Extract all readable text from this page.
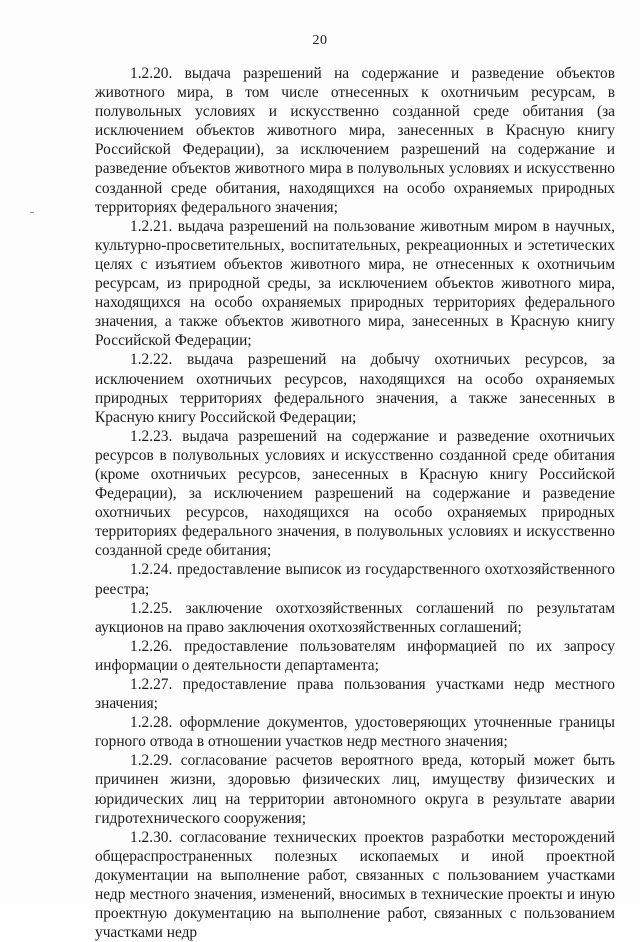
20

1.2.20. выдача разрешений на содержание и разведение объектов животного мира, в том числе отнесенных к охотничьим ресурсам, в полувольных условиях и искусственно созданной среде обитания (за исключением объектов животного мира, занесенных в Красную книгу Российской Федерации), за исключением разрешений на содержание и разведение объектов животного мира в полувольных условиях и искусственно созданной среде обитания, находящихся на особо охраняемых природных территориях федерального значения;

1.2.21. выдача разрешений на пользование животным миром в научных, культурно-просветительных, воспитательных, рекреационных и эстетических целях с изъятием объектов животного мира, не отнесенных к охотничьим ресурсам, из природной среды, за исключением объектов животного мира, находящихся на особо охраняемых природных территориях федерального значения, а также объектов животного мира, занесенных в Красную книгу Российской Федерации;

1.2.22. выдача разрешений на добычу охотничьих ресурсов, за исключением охотничьих ресурсов, находящихся на особо охраняемых природных территориях федерального значения, а также занесенных в Красную книгу Российской Федерации;

1.2.23. выдача разрешений на содержание и разведение охотничьих ресурсов в полувольных условиях и искусственно созданной среде обитания (кроме охотничьих ресурсов, занесенных в Красную книгу Российской Федерации), за исключением разрешений на содержание и разведение охотничьих ресурсов, находящихся на особо охраняемых природных территориях федерального значения, в полувольных условиях и искусственно созданной среде обитания;

1.2.24. предоставление выписок из государственного охотхозяйственного реестра;

1.2.25. заключение охотхозяйственных соглашений по результатам аукционов на право заключения охотхозяйственных соглашений;

1.2.26. предоставление пользователям информацией по их запросу информации о деятельности департамента;

1.2.27. предоставление права пользования участками недр местного значения;

1.2.28. оформление документов, удостоверяющих уточненные границы горного отвода в отношении участков недр местного значения;

1.2.29. согласование расчетов вероятного вреда, который может быть причинен жизни, здоровью физических лиц, имуществу физических и юридических лиц на территории автономного округа в результате аварии гидротехнического сооружения;

1.2.30. согласование технических проектов разработки месторождений общераспространенных полезных ископаемых и иной проектной документации на выполнение работ, связанных с пользованием участками недр местного значения, изменений, вносимых в технические проекты и иную проектную документацию на выполнение работ, связанных с пользованием участками недр
